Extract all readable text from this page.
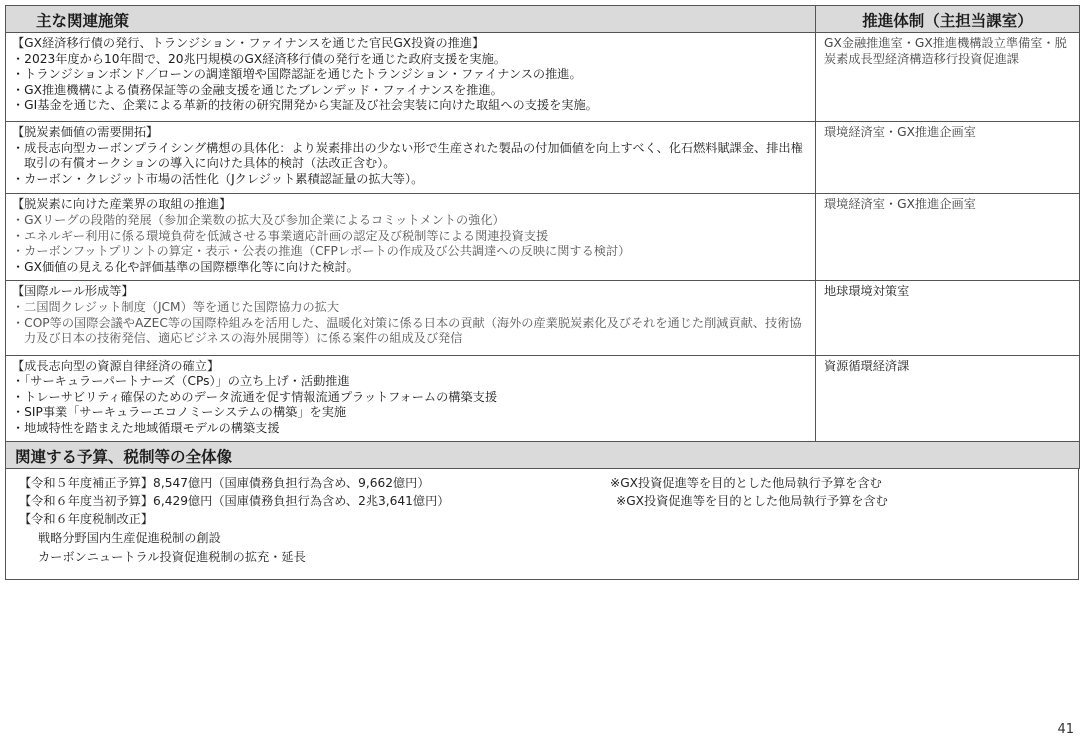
主な関連施策	推進体制（主担当課室）

【GX経済移行債の発行、トランジション・ファイナンスを通じた官民GX投資の推進】
・2023年度から10年間で、20兆円規模のGX経済移行債の発行を通じた政府支援を実施。
・トランジションボンド／ローンの調達額増や国際認証を通じたトランジション・ファイナンスの推進。
・GX推進機構による債務保証等の金融支援を通じたブレンデッド・ファイナンスを推進。
・GI基金を通じた、企業による革新的技術の研究開発から実証及び社会実装に向けた取組への支援を実施。	GX金融推進室・GX推進機構設立準備室・脱炭素成長型経済構造移行投資促進課

【脱炭素価値の需要開拓】
・成長志向型カーボンプライシング構想の具体化：より炭素排出の少ない形で生産された製品の付加価値を向上すべく、化石燃料賦課金、排出権取引の有償オークションの導入に向けた具体的検討（法改正含む）。
・カーボン・クレジット市場の活性化（Jクレジット累積認証量の拡大等）。	環境経済室・GX推進企画室

【脱炭素に向けた産業界の取組の推進】
・GXリーグの段階的発展（参加企業数の拡大及び参加企業によるコミットメントの強化）
・エネルギー利用に係る環境負荷を低減させる事業適応計画の認定及び税制等による関連投資支援
・カーボンフットプリントの算定・表示・公表の推進（CFPレポートの作成及び公共調達への反映に関する検討）
・GX価値の見える化や評価基準の国際標準化等に向けた検討。	環境経済室・GX推進企画室

【国際ルール形成等】
・二国間クレジット制度（JCM）等を通じた国際協力の拡大
・COP等の国際会議やAZEC等の国際枠組みを活用した、温暖化対策に係る日本の貢献（海外の産業脱炭素化及びそれを通じた削減貢献、技術協力及び日本の技術発信、適応ビジネスの海外展開等）に係る案件の組成及び発信	地球環境対策室

【成長志向型の資源自律経済の確立】
・「サーキュラーパートナーズ（CPs）」の立ち上げ・活動推進
・トレーサビリティ確保のためのデータ流通を促す情報流通プラットフォームの構築支援
・SIP事業「サーキュラーエコノミーシステムの構築」を実施
・地域特性を踏まえた地域循環モデルの構築支援	資源循環経済課

関連する予算、税制等の全体像	
【令和５年度補正予算】8,547億円（国庫債務負担行為含め、9,662億円）	※GX投資促進等を目的とした他局執行予算を含む
【令和６年度当初予算】6,429億円（国庫債務負担行為含め、2兆3,641億円）	※GX投資促進等を目的とした他局執行予算を含む
【令和６年度税制改正】
戦略分野国内生産促進税制の創設
カーボンニュートラル投資促進税制の拡充・延長
41
